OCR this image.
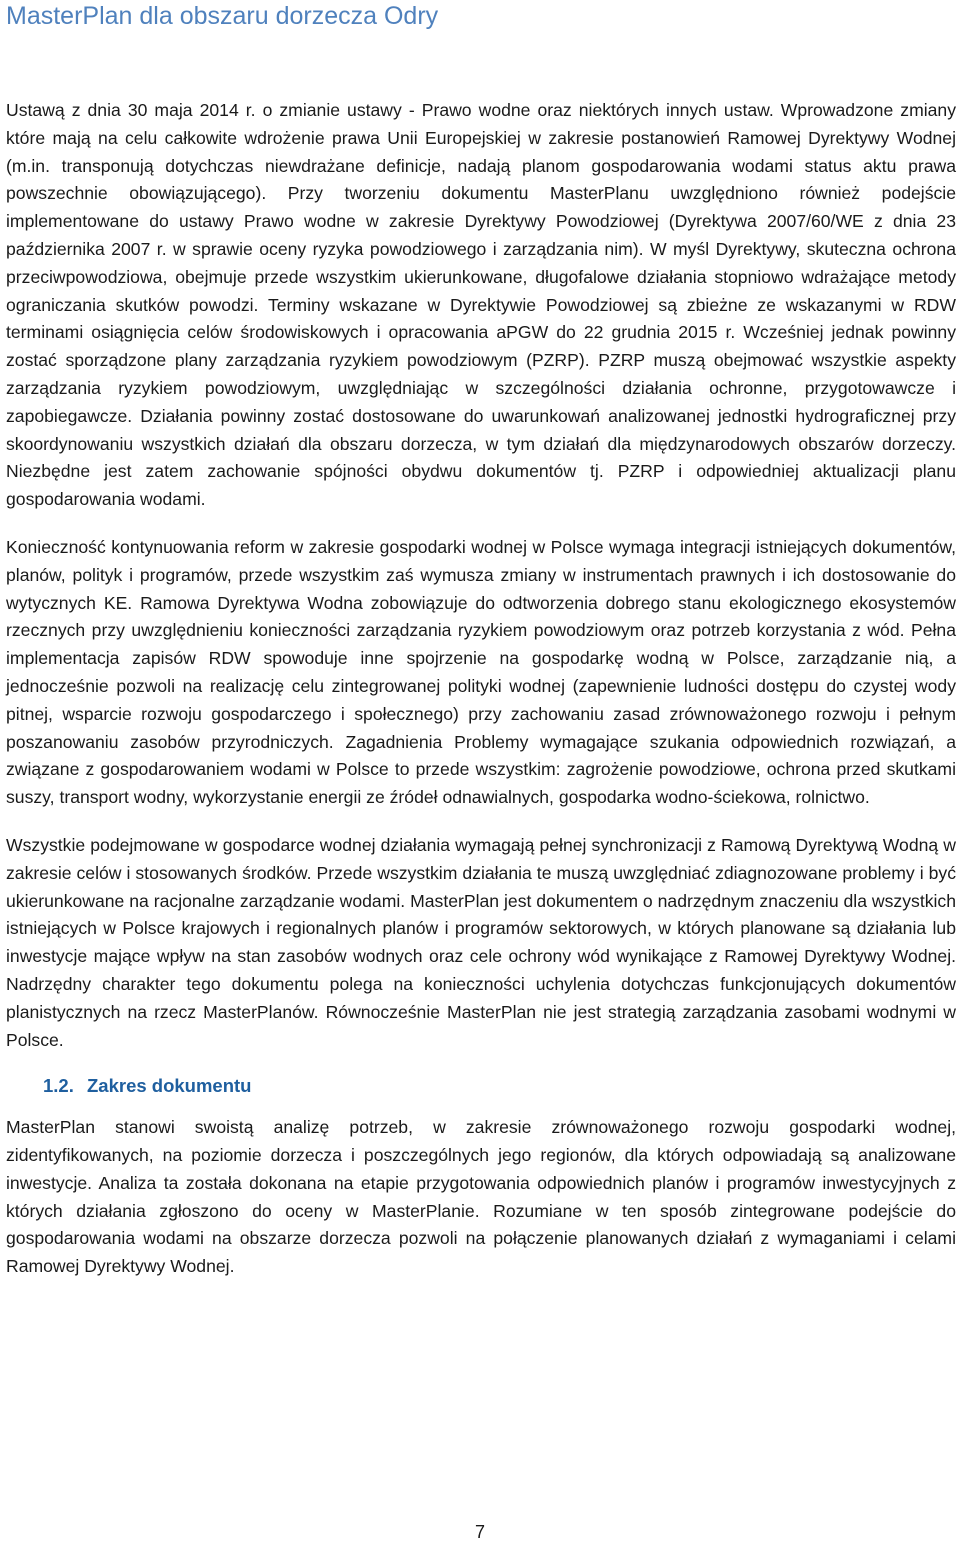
MasterPlan dla obszaru dorzecza Odry

Ustawą z dnia 30 maja 2014 r. o zmianie ustawy - Prawo wodne oraz niektórych innych ustaw. Wprowadzone zmiany które mają na celu całkowite wdrożenie prawa Unii Europejskiej w zakresie postanowień Ramowej Dyrektywy Wodnej (m.in. transponują dotychczas niewdrażane definicje, nadają planom gospodarowania wodami status aktu prawa powszechnie obowiązującego). Przy tworzeniu dokumentu MasterPlanu uwzględniono również podejście implementowane do ustawy Prawo wodne w zakresie Dyrektywy Powodziowej (Dyrektywa 2007/60/WE z dnia 23 października 2007 r. w sprawie oceny ryzyka powodziowego i zarządzania nim). W myśl Dyrektywy, skuteczna ochrona przeciwpowodziowa, obejmuje przede wszystkim ukierunkowane, długofalowe działania stopniowo wdrażające metody ograniczania skutków powodzi. Terminy wskazane w Dyrektywie Powodziowej są zbieżne ze wskazanymi w RDW terminami osiągnięcia celów środowiskowych i opracowania aPGW do 22 grudnia 2015 r. Wcześniej jednak powinny zostać sporządzone plany zarządzania ryzykiem powodziowym (PZRP). PZRP muszą obejmować wszystkie aspekty zarządzania ryzykiem powodziowym, uwzględniając w szczególności działania ochronne, przygotowawcze i zapobiegawcze. Działania powinny zostać dostosowane do uwarunkowań analizowanej jednostki hydrograficznej przy skoordynowaniu wszystkich działań dla obszaru dorzecza, w tym działań dla międzynarodowych obszarów dorzeczy. Niezbędne jest zatem zachowanie spójności obydwu dokumentów tj. PZRP i odpowiedniej aktualizacji planu gospodarowania wodami.

Konieczność kontynuowania reform w zakresie gospodarki wodnej w Polsce wymaga integracji istniejących dokumentów, planów, polityk i programów, przede wszystkim zaś wymusza zmiany w instrumentach prawnych i ich dostosowanie do wytycznych KE. Ramowa Dyrektywa Wodna zobowiązuje do odtworzenia dobrego stanu ekologicznego ekosystemów rzecznych przy uwzględnieniu konieczności zarządzania ryzykiem powodziowym oraz potrzeb korzystania z wód. Pełna implementacja zapisów RDW spowoduje inne spojrzenie na gospodarkę wodną w Polsce, zarządzanie nią, a jednocześnie pozwoli na realizację celu zintegrowanej polityki wodnej (zapewnienie ludności dostępu do czystej wody pitnej, wsparcie rozwoju gospodarczego i społecznego) przy zachowaniu zasad zrównoważonego rozwoju i pełnym poszanowaniu zasobów przyrodniczych. Zagadnienia Problemy wymagające szukania odpowiednich rozwiązań, a związane z gospodarowaniem wodami w Polsce to przede wszystkim: zagrożenie powodziowe, ochrona przed skutkami suszy, transport wodny, wykorzystanie energii ze źródeł odnawialnych, gospodarka wodno-ściekowa, rolnictwo.

Wszystkie podejmowane w gospodarce wodnej działania wymagają pełnej synchronizacji z Ramową Dyrektywą Wodną w zakresie celów i stosowanych środków. Przede wszystkim działania te muszą uwzględniać zdiagnozowane problemy i być ukierunkowane na racjonalne zarządzanie wodami. MasterPlan jest dokumentem o nadrzędnym znaczeniu dla wszystkich istniejących w Polsce krajowych i regionalnych planów i programów sektorowych, w których planowane są działania lub inwestycje mające wpływ na stan zasobów wodnych oraz cele ochrony wód wynikające z Ramowej Dyrektywy Wodnej. Nadrzędny charakter tego dokumentu polega na konieczności uchylenia dotychczas funkcjonujących dokumentów planistycznych na rzecz MasterPlanów. Równocześnie MasterPlan nie jest strategią zarządzania zasobami wodnymi w Polsce.

1.2. Zakres dokumentu

MasterPlan stanowi swoistą analizę potrzeb, w zakresie zrównoważonego rozwoju gospodarki wodnej, zidentyfikowanych, na poziomie dorzecza i poszczególnych jego regionów, dla których odpowiadają są analizowane inwestycje. Analiza ta została dokonana na etapie przygotowania odpowiednich planów i programów inwestycyjnych z których działania zgłoszono do oceny w MasterPlanie. Rozumiane w ten sposób zintegrowane podejście do gospodarowania wodami na obszarze dorzecza pozwoli na połączenie planowanych działań z wymaganiami i celami Ramowej Dyrektywy Wodnej.

7
